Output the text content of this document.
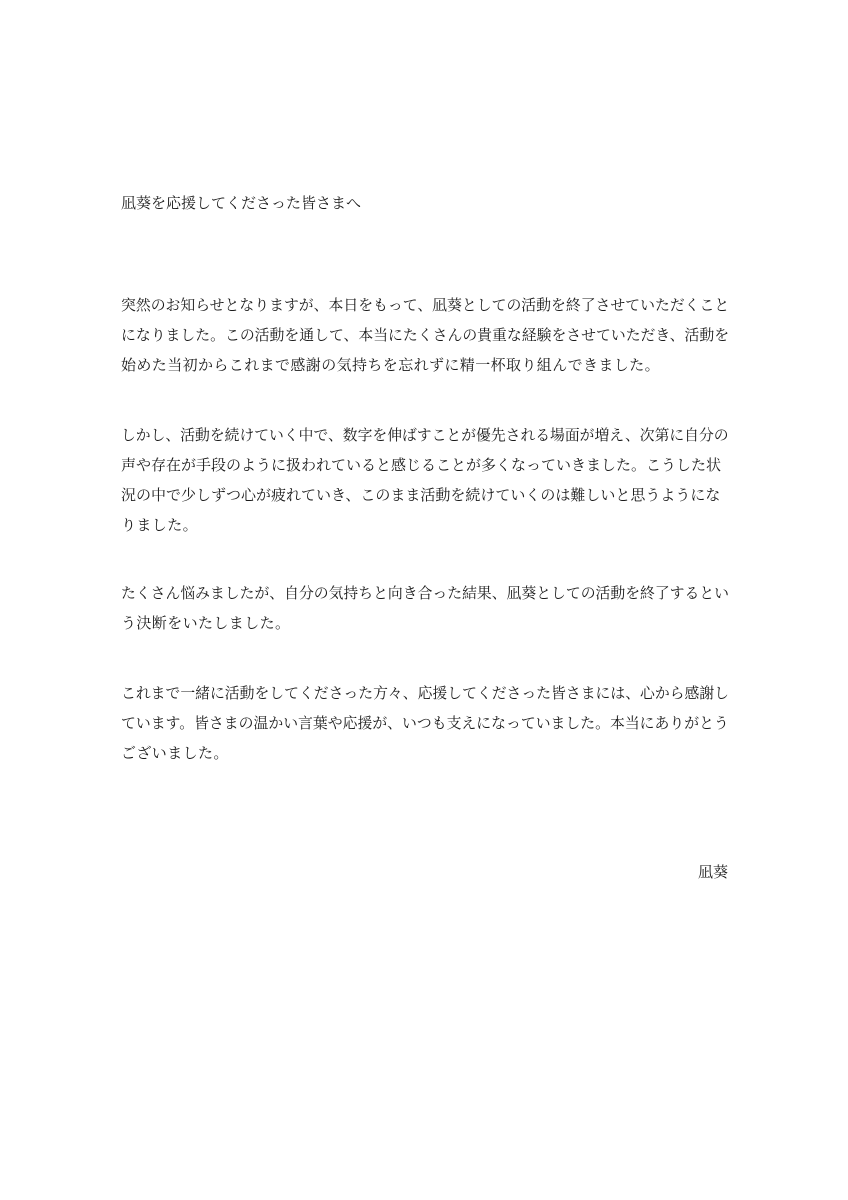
凪葵を応援してくださった皆さまへ

突然のお知らせとなりますが、本日をもって、凪葵としての活動を終了させていただくこと
になりました。この活動を通して、本当にたくさんの貴重な経験をさせていただき、活動を
始めた当初からこれまで感謝の気持ちを忘れずに精一杯取り組んできました。
しかし、活動を続けていく中で、数字を伸ばすことが優先される場面が増え、次第に自分の
声や存在が手段のように扱われていると感じることが多くなっていきました。こうした状
況の中で少しずつ心が疲れていき、このまま活動を続けていくのは難しいと思うようにな
りました。
たくさん悩みましたが、自分の気持ちと向き合った結果、凪葵としての活動を終了するとい
う決断をいたしました。
これまで一緒に活動をしてくださった方々、応援してくださった皆さまには、心から感謝し
ています。皆さまの温かい言葉や応援が、いつも支えになっていました。本当にありがとう
ございました。

凪葵
